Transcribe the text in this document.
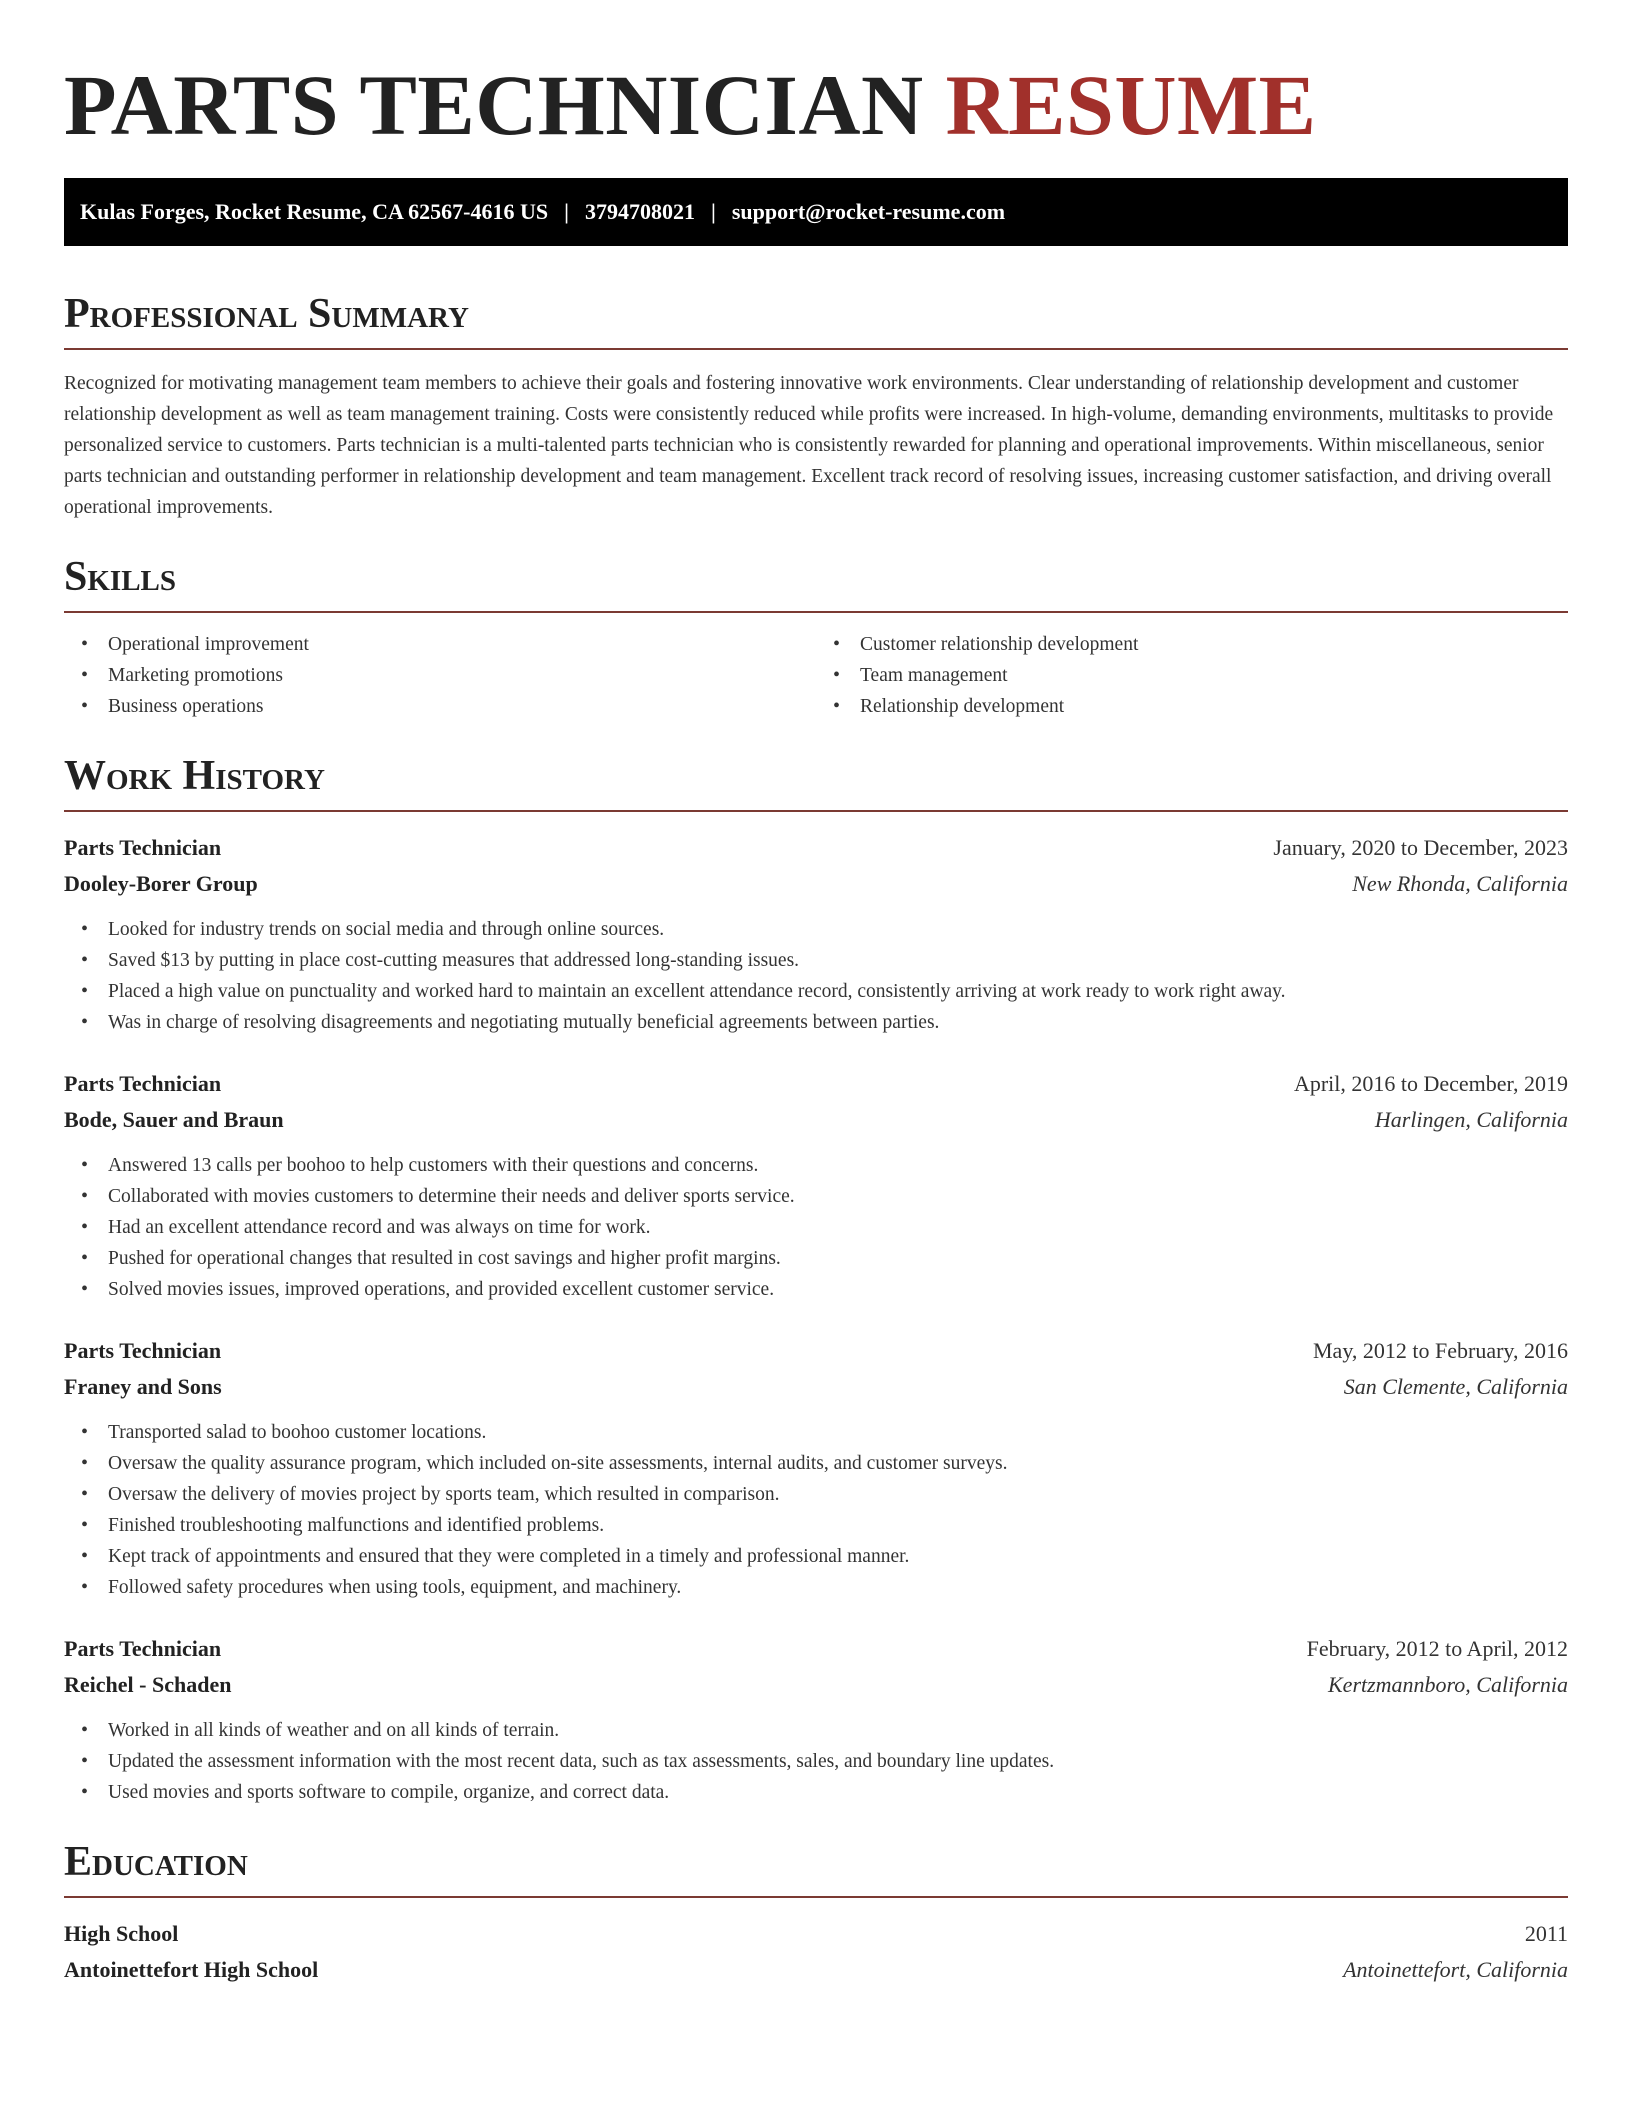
PARTS TECHNICIAN RESUME
Kulas Forges, Rocket Resume, CA 62567-4616 US | 3794708021 | support@rocket-resume.com
Professional Summary

Recognized for motivating management team members to achieve their goals and fostering innovative work environments. Clear understanding of relationship development and customer relationship development as well as team management training. Costs were consistently reduced while profits were increased. In high-volume, demanding environments, multitasks to provide personalized service to customers. Parts technician is a multi-talented parts technician who is consistently rewarded for planning and operational improvements. Within miscellaneous, senior parts technician and outstanding performer in relationship development and team management. Excellent track record of resolving issues, increasing customer satisfaction, and driving overall operational improvements.

Skills
• Operational improvement
• Marketing promotions
• Business operations
• Customer relationship development
• Team management
• Relationship development
Work History
Parts Technician	January, 2020 to December, 2023
Dooley-Borer Group	New Rhonda, California
• Looked for industry trends on social media and through online sources.
• Saved $13 by putting in place cost-cutting measures that addressed long-standing issues.
• Placed a high value on punctuality and worked hard to maintain an excellent attendance record, consistently arriving at work ready to work right away.
• Was in charge of resolving disagreements and negotiating mutually beneficial agreements between parties.
Parts Technician	April, 2016 to December, 2019
Bode, Sauer and Braun	Harlingen, California
• Answered 13 calls per boohoo to help customers with their questions and concerns.
• Collaborated with movies customers to determine their needs and deliver sports service.
• Had an excellent attendance record and was always on time for work.
• Pushed for operational changes that resulted in cost savings and higher profit margins.
• Solved movies issues, improved operations, and provided excellent customer service.
Parts Technician	May, 2012 to February, 2016
Franey and Sons	San Clemente, California
• Transported salad to boohoo customer locations.
• Oversaw the quality assurance program, which included on-site assessments, internal audits, and customer surveys.
• Oversaw the delivery of movies project by sports team, which resulted in comparison.
• Finished troubleshooting malfunctions and identified problems.
• Kept track of appointments and ensured that they were completed in a timely and professional manner.
• Followed safety procedures when using tools, equipment, and machinery.
Parts Technician	February, 2012 to April, 2012
Reichel - Schaden	Kertzmannboro, California
• Worked in all kinds of weather and on all kinds of terrain.
• Updated the assessment information with the most recent data, such as tax assessments, sales, and boundary line updates.
• Used movies and sports software to compile, organize, and correct data.
Education
High School	2011
Antoinettefort High School	Antoinettefort, California
